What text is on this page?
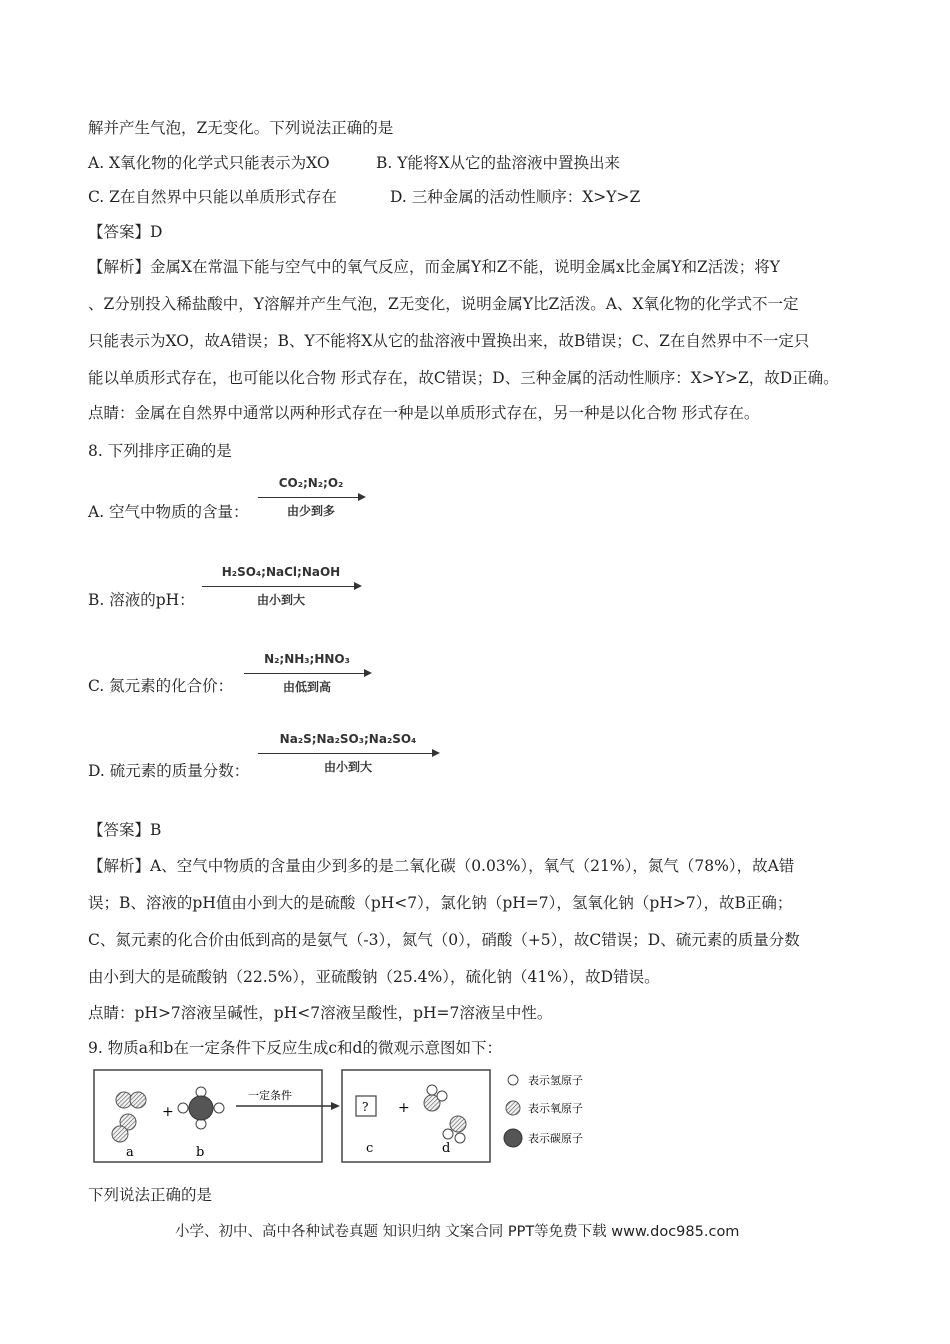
解并产生气泡，Z无变化。下列说法正确的是
A. X氧化物的化学式只能表示为XO	B. Y能将X从它的盐溶液中置换出来
C. Z在自然界中只能以单质形式存在	D. 三种金属的活动性顺序：X>Y>Z
【答案】D
【解析】金属X在常温下能与空气中的氧气反应，而金属Y和Z不能，说明金属x比金属Y和Z活泼；将Y
、Z分别投入稀盐酸中，Y溶解并产生气泡，Z无变化，说明金属Y比Z活泼。A、X氧化物的化学式不一定
只能表示为XO，故A错误；B、Y不能将X从它的盐溶液中置换出来，故B错误；C、Z在自然界中不一定只
能以单质形式存在，也可能以化合物 形式存在，故C错误；D、三种金属的活动性顺序：X>Y>Z，故D正确。
点睛：金属在自然界中通常以两种形式存在一种是以单质形式存在，另一种是以化合物 形式存在。
8. 下列排序正确的是
A. 空气中物质的含量：
CO₂;N₂;O₂
由少到多
B. 溶液的pH：
H₂SO₄;NaCl;NaOH
由小到大
C. 氮元素的化合价：
N₂;NH₃;HNO₃
由低到高
D. 硫元素的质量分数：
Na₂S;Na₂SO₃;Na₂SO₄
由小到大
【答案】B
【解析】A、空气中物质的含量由少到多的是二氧化碳（0.03%），氧气（21%），氮气（78%），故A错
误；B、溶液的pH值由小到大的是硫酸（pH<7），氯化钠（pH=7），氢氧化钠（pH>7），故B正确；
C、氮元素的化合价由低到高的是氨气（-3），氮气（0），硝酸（+5），故C错误；D、硫元素的质量分数
由小到大的是硫酸钠（22.5%），亚硫酸钠（25.4%），硫化钠（41%），故D错误。
点睛：pH>7溶液呈碱性，pH<7溶液呈酸性，pH=7溶液呈中性。
9. 物质a和b在一定条件下反应生成c和d的微观示意图如下：
+
a	b
一定条件
? +
c	d
表示氢原子
表示氧原子
表示碳原子
下列说法正确的是
小学、初中、高中各种试卷真题 知识归纳 文案合同 PPT等免费下载 www.doc985.com
